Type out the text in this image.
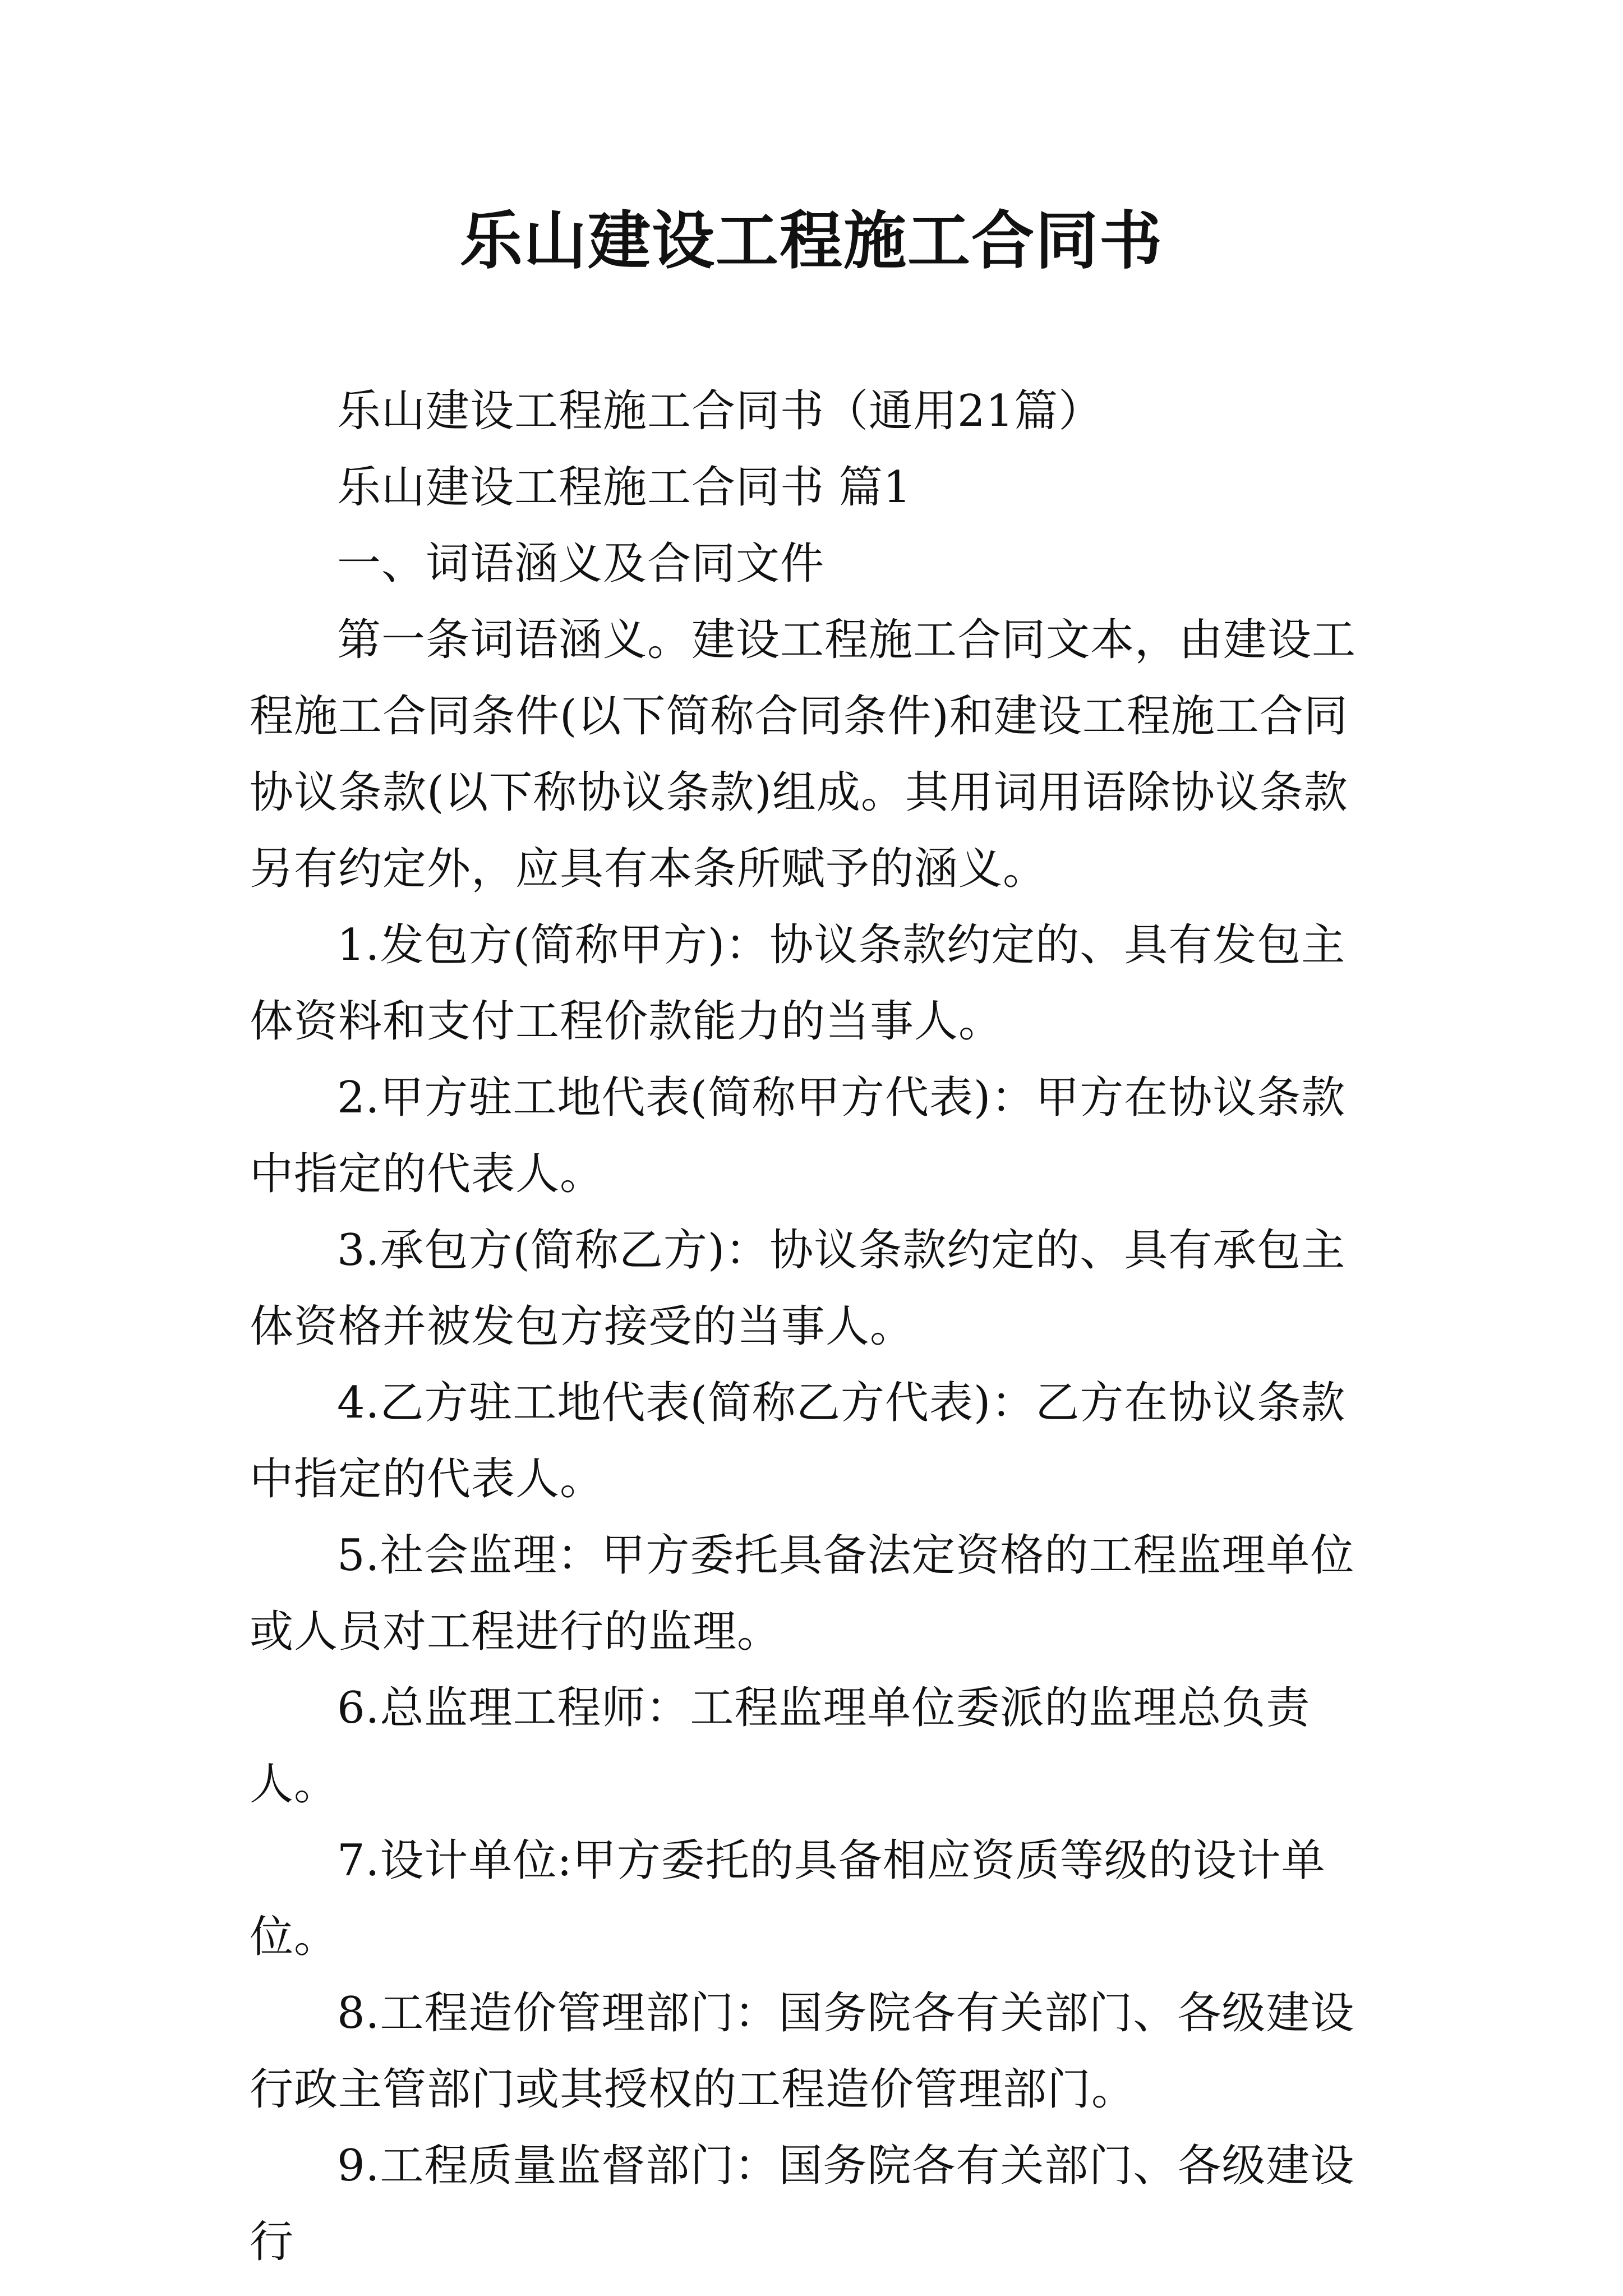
乐山建设工程施工合同书

乐山建设工程施工合同书（通用21篇）

乐山建设工程施工合同书 篇1

一、词语涵义及合同文件

第一条词语涵义。建设工程施工合同文本，由建设工程施工合同条件(以下简称合同条件)和建设工程施工合同协议条款(以下称协议条款)组成。其用词用语除协议条款另有约定外，应具有本条所赋予的涵义。

1.发包方(简称甲方)：协议条款约定的、具有发包主体资料和支付工程价款能力的当事人。

2.甲方驻工地代表(简称甲方代表)：甲方在协议条款中指定的代表人。

3.承包方(简称乙方)：协议条款约定的、具有承包主体资格并被发包方接受的当事人。

4.乙方驻工地代表(简称乙方代表)：乙方在协议条款中指定的代表人。

5.社会监理：甲方委托具备法定资格的工程监理单位或人员对工程进行的监理。

6.总监理工程师：工程监理单位委派的监理总负责人。

7.设计单位:甲方委托的具备相应资质等级的设计单位。

8.工程造价管理部门：国务院各有关部门、各级建设行政主管部门或其授权的工程造价管理部门。

9.工程质量监督部门：国务院各有关部门、各级建设行
